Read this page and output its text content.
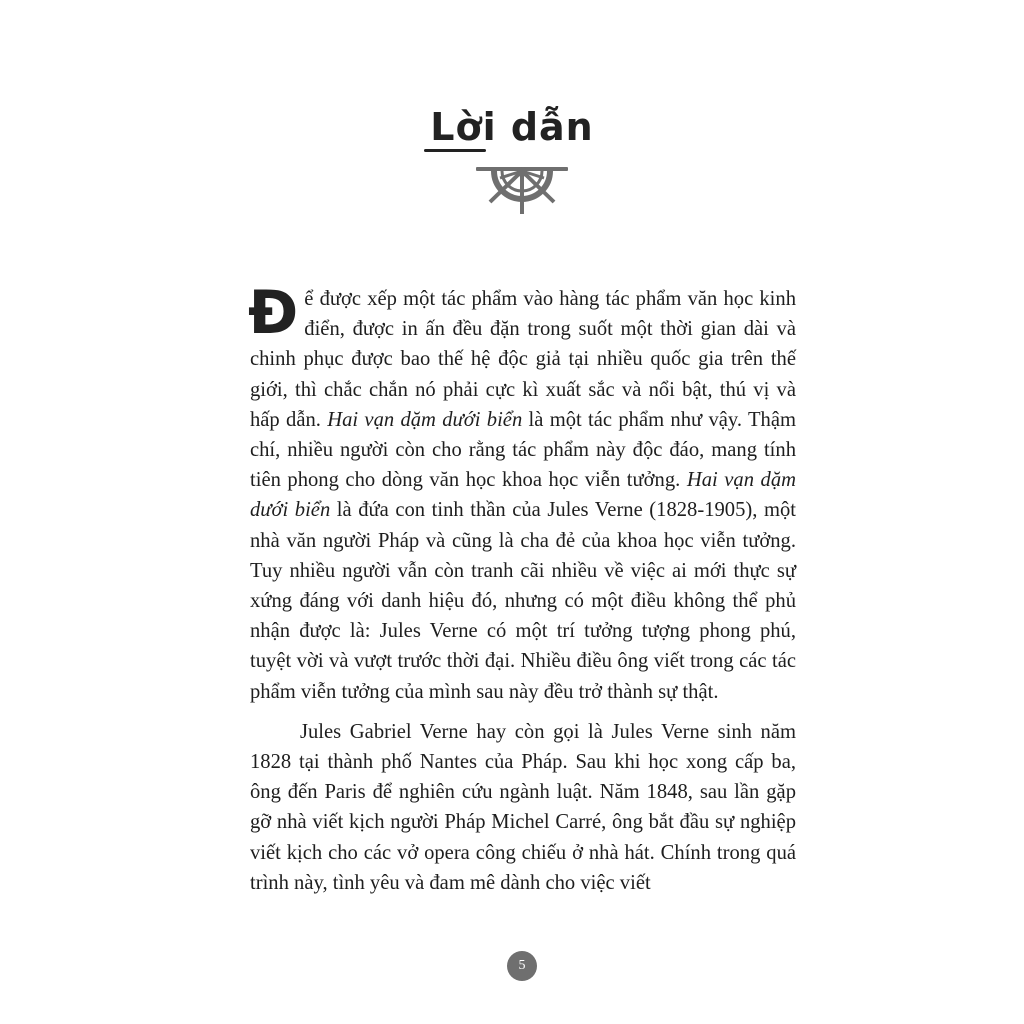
Lời dẫn

Để được xếp một tác phẩm vào hàng tác phẩm văn học kinh điển, được in ấn đều đặn trong suốt một thời gian dài và chinh phục được bao thế hệ độc giả tại nhiều quốc gia trên thế giới, thì chắc chắn nó phải cực kì xuất sắc và nổi bật, thú vị và hấp dẫn. Hai vạn dặm dưới biển là một tác phẩm như vậy. Thậm chí, nhiều người còn cho rằng tác phẩm này độc đáo, mang tính tiên phong cho dòng văn học khoa học viễn tưởng. Hai vạn dặm dưới biển là đứa con tinh thần của Jules Verne (1828-1905), một nhà văn người Pháp và cũng là cha đẻ của khoa học viễn tưởng. Tuy nhiều người vẫn còn tranh cãi nhiều về việc ai mới thực sự xứng đáng với danh hiệu đó, nhưng có một điều không thể phủ nhận được là: Jules Verne có một trí tưởng tượng phong phú, tuyệt vời và vượt trước thời đại. Nhiều điều ông viết trong các tác phẩm viễn tưởng của mình sau này đều trở thành sự thật.

Jules Gabriel Verne hay còn gọi là Jules Verne sinh năm 1828 tại thành phố Nantes của Pháp. Sau khi học xong cấp ba, ông đến Paris để nghiên cứu ngành luật. Năm 1848, sau lần gặp gỡ nhà viết kịch người Pháp Michel Carré, ông bắt đầu sự nghiệp viết kịch cho các vở opera công chiếu ở nhà hát. Chính trong quá trình này, tình yêu và đam mê dành cho việc viết

5
